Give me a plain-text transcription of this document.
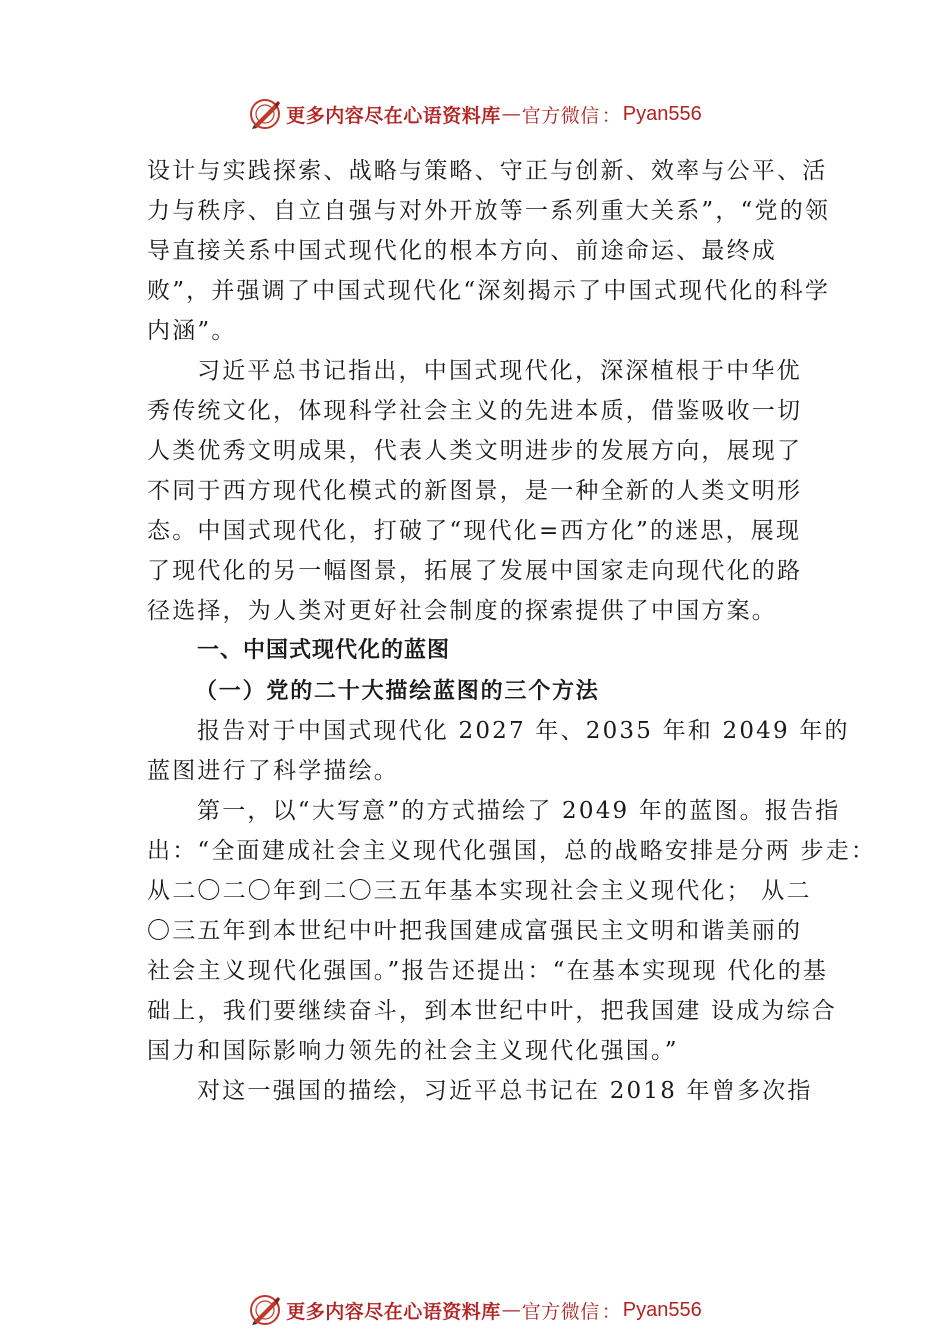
更多内容尽在心语资料库 — 官方微信 ： Pyan556
设计与实践探索、战略与策略、守正与创新、效率与公平、活
力与秩序、自立自强与对外开放等一系列重大关系”，“党的领
导直接关系中国式现代化的根本方向、前途命运、最终成
败”，并强调了中国式现代化“深刻揭示了中国式现代化的科学
内涵”。
习近平总书记指出，中国式现代化，深深植根于中华优
秀传统文化，体现科学社会主义的先进本质，借鉴吸收一切
人类优秀文明成果，代表人类文明进步的发展方向，展现了
不同于西方现代化模式的新图景，是一种全新的人类文明形
态。中国式现代化，打破了“现代化=西方化”的迷思，展现
了现代化的另一幅图景，拓展了发展中国家走向现代化的路
径选择，为人类对更好社会制度的探索提供了中国方案。
一、中国式现代化的蓝图
（一）党的二十大描绘蓝图的三个方法
报告对于中国式现代化 2027 年、2035 年和 2049 年的
蓝图进行了科学描绘。
第一，以“大写意”的方式描绘了 2049 年的蓝图。报告指
出：“全面建成社会主义现代化强国，总的战略安排是分两 步走：
从二〇二〇年到二〇三五年基本实现社会主义现代化； 从二
〇三五年到本世纪中叶把我国建成富强民主文明和谐美丽的
社会主义现代化强国。”报告还提出：“在基本实现现 代化的基
础上，我们要继续奋斗，到本世纪中叶，把我国建 设成为综合
国力和国际影响力领先的社会主义现代化强国。”
对这一强国的描绘，习近平总书记在 2018 年曾多次指
更多内容尽在心语资料库 — 官方微信 ： Pyan556
